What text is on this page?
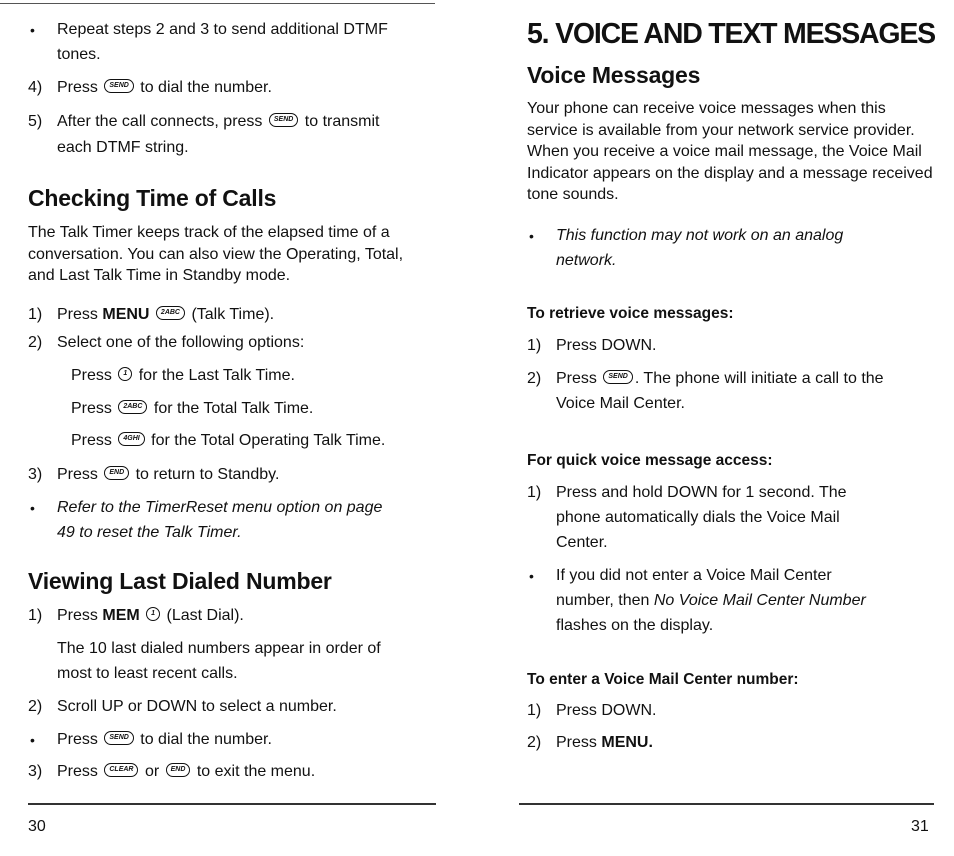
• Repeat steps 2 and 3 to send additional DTMF
tones.
4) Press SEND to dial the number.
5) After the call connects, press SEND to transmit
each DTMF string.
Checking Time of Calls
The Talk Timer keeps track of the elapsed time of a conversation. You can also view the Operating, Total, and Last Talk Time in Standby mode.
1) Press MENU 2ABC (Talk Time).
2) Select one of the following options:
Press 1 for the Last Talk Time.
Press 2ABC for the Total Talk Time.
Press 4GHI for the Total Operating Talk Time.
3) Press END to return to Standby.
• Refer to the TimerReset menu option on page
49 to reset the Talk Timer.
Viewing Last Dialed Number
1) Press MEM 1 (Last Dial).
The 10 last dialed numbers appear in order of
most to least recent calls.
2) Scroll UP or DOWN to select a number.
• Press SEND to dial the number.
3) Press CLEAR or END to exit the menu.
30
5. VOICE AND TEXT MESSAGES
Voice Messages
Your phone can receive voice messages when this service is available from your network service provider. When you receive a voice mail message, the Voice Mail Indicator appears on the display and a message received tone sounds.
• This function may not work on an analog
network.
To retrieve voice messages:
1) Press DOWN.
2) Press SEND . The phone will initiate a call to the
Voice Mail Center.
For quick voice message access:
1) Press and hold DOWN for 1 second. The
phone automatically dials the Voice Mail
Center.
• If you did not enter a Voice Mail Center
number, then No Voice Mail Center Number
flashes on the display.
To enter a Voice Mail Center number:
1) Press DOWN.
2) Press MENU.
31
